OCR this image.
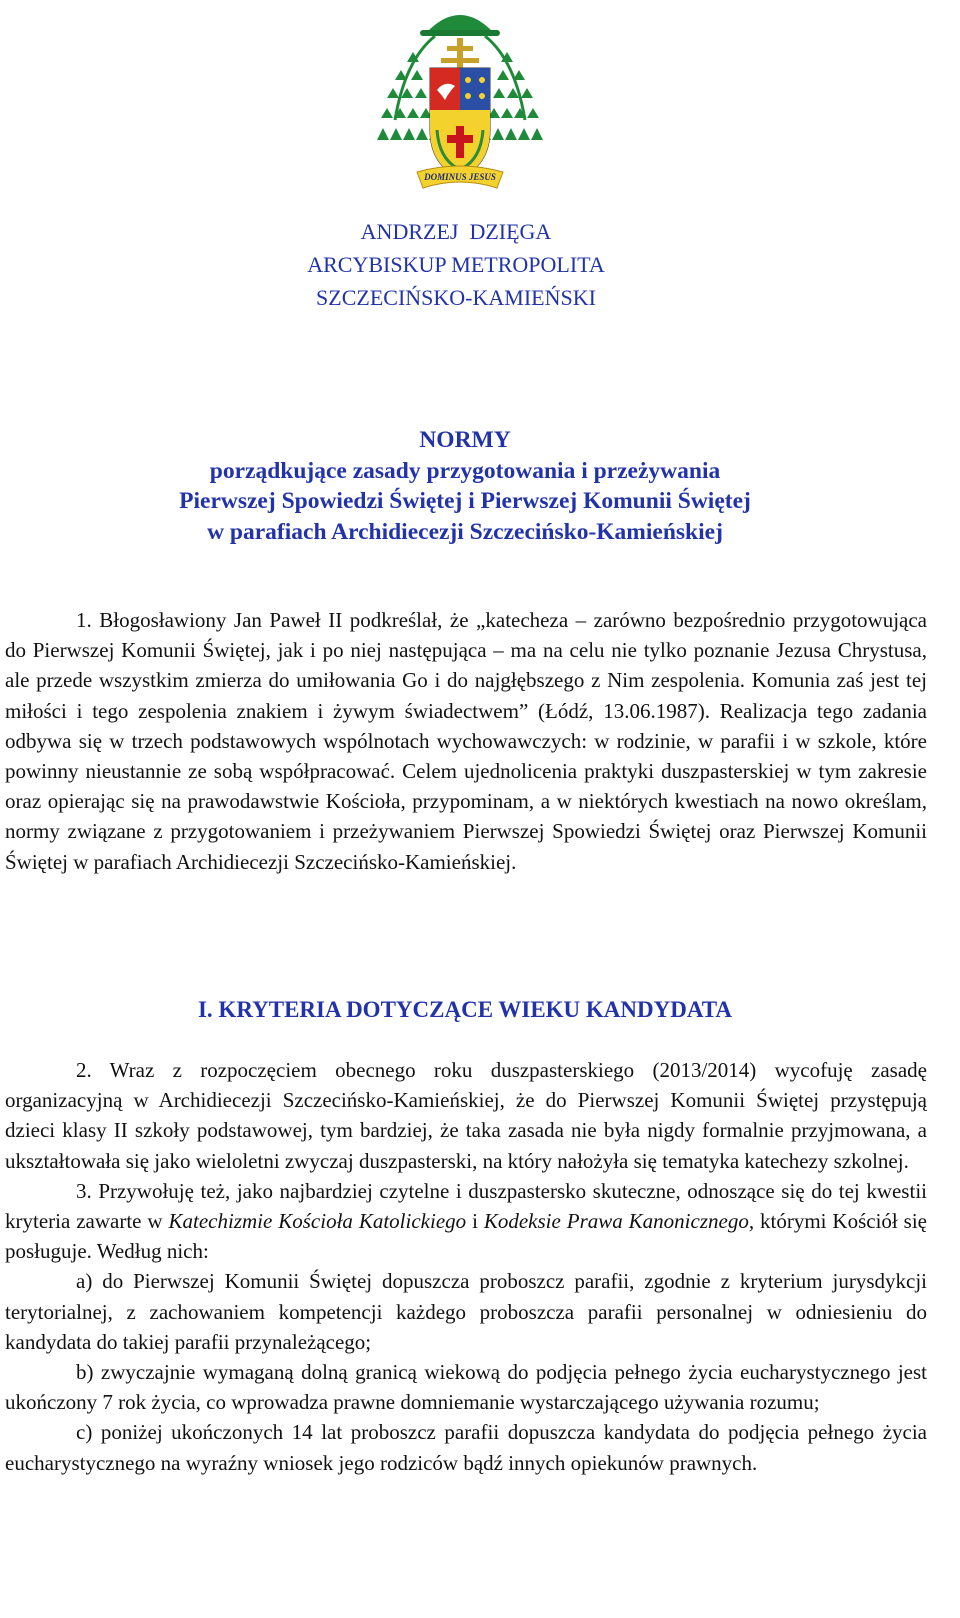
DOMINUS JESUS
ANDRZEJ  DZIĘGA
ARCYBISKUP METROPOLITA
SZCZECIŃSKO-KAMIEŃSKI
NORMY
porządkujące zasady przygotowania i przeżywania
Pierwszej Spowiedzi Świętej i Pierwszej Komunii Świętej
w parafiach Archidiecezji Szczecińsko-Kamieńskiej

1. Błogosławiony Jan Paweł II podkreślał, że „katecheza – zarówno bezpośrednio przygotowująca do Pierwszej Komunii Świętej, jak i po niej następująca – ma na celu nie tylko poznanie Jezusa Chrystusa, ale przede wszystkim zmierza do umiłowania Go i do najgłębszego z Nim zespolenia. Komunia zaś jest tej miłości i tego zespolenia znakiem i żywym świadectwem” (Łódź, 13.06.1987). Realizacja tego zadania odbywa się w trzech podstawowych wspólnotach wychowawczych: w rodzinie, w parafii i w szkole, które powinny nieustannie ze sobą współpracować. Celem ujednolicenia praktyki duszpasterskiej w tym zakresie oraz opierając się na prawodawstwie Kościoła, przypominam, a w niektórych kwestiach na nowo określam, normy związane z przygotowaniem i przeżywaniem Pierwszej Spowiedzi Świętej oraz Pierwszej Komunii Świętej w parafiach Archidiecezji Szczecińsko-Kamieńskiej.

I. KRYTERIA DOTYCZĄCE WIEKU KANDYDATA

2. Wraz z rozpoczęciem obecnego roku duszpasterskiego (2013/2014) wycofuję zasadę organizacyjną w Archidiecezji Szczecińsko-Kamieńskiej, że do Pierwszej Komunii Świętej przystępują dzieci klasy II szkoły podstawowej, tym bardziej, że taka zasada nie była nigdy formalnie przyjmowana, a ukształtowała się jako wieloletni zwyczaj duszpasterski, na który nałożyła się tematyka katechezy szkolnej.

3. Przywołuję też, jako najbardziej czytelne i duszpastersko skuteczne, odnoszące się do tej kwestii kryteria zawarte w Katechizmie Kościoła Katolickiego i Kodeksie Prawa Kanonicznego, którymi Kościół się posługuje. Według nich:

a) do Pierwszej Komunii Świętej dopuszcza proboszcz parafii, zgodnie z kryterium jurysdykcji terytorialnej, z zachowaniem kompetencji każdego proboszcza parafii personalnej w odniesieniu do kandydata do takiej parafii przynależącego;

b) zwyczajnie wymaganą dolną granicą wiekową do podjęcia pełnego życia eucharystycznego jest ukończony 7 rok życia, co wprowadza prawne domniemanie wystarczającego używania rozumu;

c) poniżej ukończonych 14 lat proboszcz parafii dopuszcza kandydata do podjęcia pełnego życia eucharystycznego na wyraźny wniosek jego rodziców bądź innych opiekunów prawnych.
